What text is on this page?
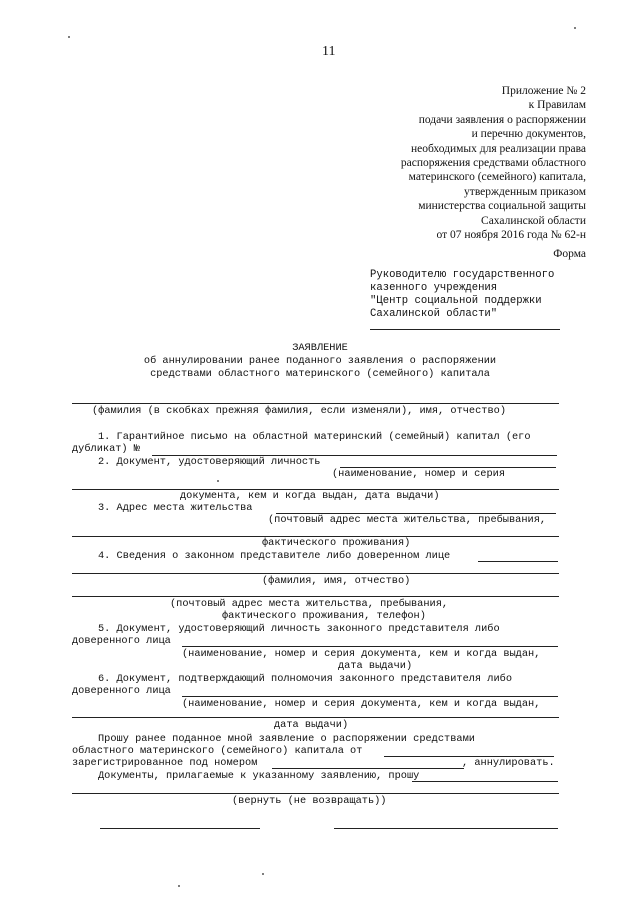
11
Приложение № 2
к Правилам
подачи заявления о распоряжении
и перечню документов,
необходимых для реализации права
распоряжения средствами областного
материнского (семейного) капитала,
утвержденным приказом
министерства социальной защиты
Сахалинской области
от 07 ноября 2016 года № 62-н
Форма
Руководителю государственного
казенного учреждения
"Центр социальной поддержки
Сахалинской области"
ЗАЯВЛЕНИЕ
об аннулировании ранее поданного заявления о распоряжении
средствами областного материнского (семейного) капитала
(фамилия (в скобках прежняя фамилия, если изменяли), имя, отчество)
1. Гарантийное письмо на областной материнский (семейный) капитал (его
дубликат) №
2. Документ, удостоверяющий личность
(наименование, номер и серия
документа, кем и когда выдан, дата выдачи)
3. Адрес места жительства
(почтовый адрес места жительства, пребывания,
фактического проживания)
4. Сведения о законном представителе либо доверенном лице
(фамилия, имя, отчество)
(почтовый адрес места жительства, пребывания,
фактического проживания, телефон)
5. Документ, удостоверяющий личность законного представителя либо
доверенного лица
(наименование, номер и серия документа, кем и когда выдан,
дата выдачи)
6. Документ, подтверждающий полномочия законного представителя либо
доверенного лица
(наименование, номер и серия документа, кем и когда выдан,
дата выдачи)
Прошу ранее поданное мной заявление о распоряжении средствами
областного материнского (семейного) капитала от
зарегистрированное под номером	, аннулировать.
Документы, прилагаемые к указанному заявлению, прошу
(вернуть (не возвращать))
